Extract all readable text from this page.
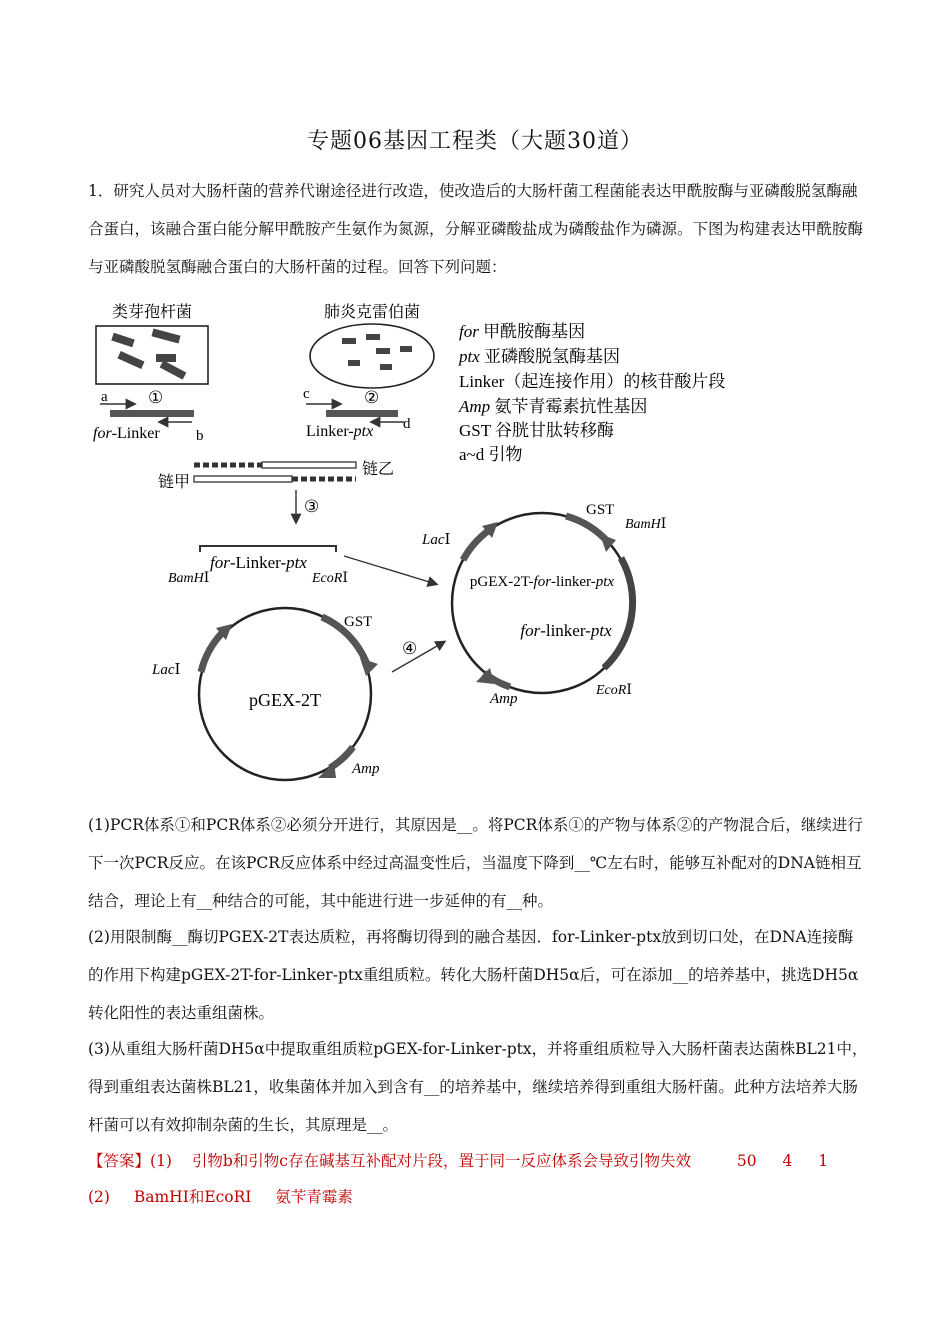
专题06基因工程类（大题30道）
1．研究人员对大肠杆菌的营养代谢途径进行改造，使改造后的大肠杆菌工程菌能表达甲酰胺酶与亚磷酸脱氢酶融合蛋白，该融合蛋白能分解甲酰胺产生氨作为氮源，分解亚磷酸盐成为磷酸盐作为磷源。下图为构建表达甲酰胺酶与亚磷酸脱氢酶融合蛋白的大肠杆菌的过程。回答下列问题：
类芽孢杆菌
a ①
for-Linker b
肺炎克雷伯菌
c	②
Linker-ptx d
for 甲酰胺酶基因
ptx 亚磷酸脱氢酶基因
Linker（起连接作用）的核苷酸片段
Amp 氨苄青霉素抗性基因
GST 谷胱甘肽转移酶
a~d 引物
链乙
链甲
③
for-Linker-ptx
BamHⅠ	EcoRⅠ
GST
LacⅠ
Amp
pGEX-2T
④
GST
BamHⅠ
LacⅠ
EcoRⅠ
Amp
pGEX-2T-for-linker-ptx
for-linker-ptx
(1)PCR体系①和PCR体系②必须分开进行，其原因是__。将PCR体系①的产物与体系②的产物混合后，继续进行下一次PCR反应。在该PCR反应体系中经过高温变性后，当温度下降到__℃左右时，能够互补配对的DNA链相互结合，理论上有__种结合的可能，其中能进行进一步延伸的有__种。
(2)用限制酶__酶切PGEX-2T表达质粒，再将酶切得到的融合基因．for-Linker-ptx放到切口处，在DNA连接酶的作用下构建pGEX-2T-for-Linker-ptx重组质粒。转化大肠杆菌DH5α后，可在添加__的培养基中，挑选DH5α转化阳性的表达重组菌株。
(3)从重组大肠杆菌DH5α中提取重组质粒pGEX-for-Linker-ptx，并将重组质粒导入大肠杆菌表达菌株BL21中，得到重组表达菌株BL21，收集菌体并加入到含有__的培养基中，继续培养得到重组大肠杆菌。此种方法培养大肠杆菌可以有效抑制杂菌的生长，其原理是__。
【答案】(1) 引物b和引物c存在碱基互补配对片段，置于同一反应体系会导致引物失效	50 4 1
(2) BamHⅠ和EcoRⅠ 氨苄青霉素
